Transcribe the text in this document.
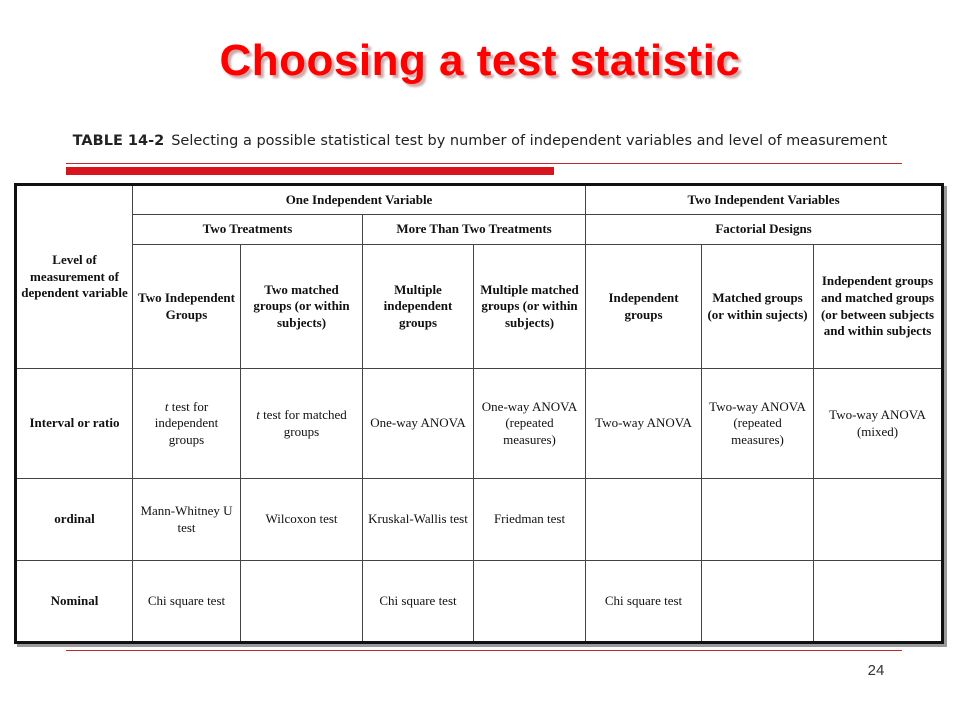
Choosing a test statistic
TABLE 14-2 Selecting a possible statistical test by number of independent variables and level of measurement
Level of measurement of dependent variable	One Independent Variable				Two Independent Variables		
	Two Treatments		More Than Two Treatments		Factorial Designs		
	Two Independent Groups	Two matched groups (or within subjects)	Multiple independent groups	Multiple matched groups (or within subjects)	Independent groups	Matched groups (or within sujects)	Independent groups and matched groups (or between subjects and within subjects
Interval or ratio	t test for independent groups	t test for matched groups	One-way ANOVA	One-way ANOVA (repeated measures)	Two-way ANOVA	Two-way ANOVA (repeated measures)	Two-way ANOVA (mixed)
ordinal	Mann-Whitney U test	Wilcoxon test	Kruskal-Wallis test	Friedman test			
Nominal	Chi square test		Chi square test		Chi square test		
24
